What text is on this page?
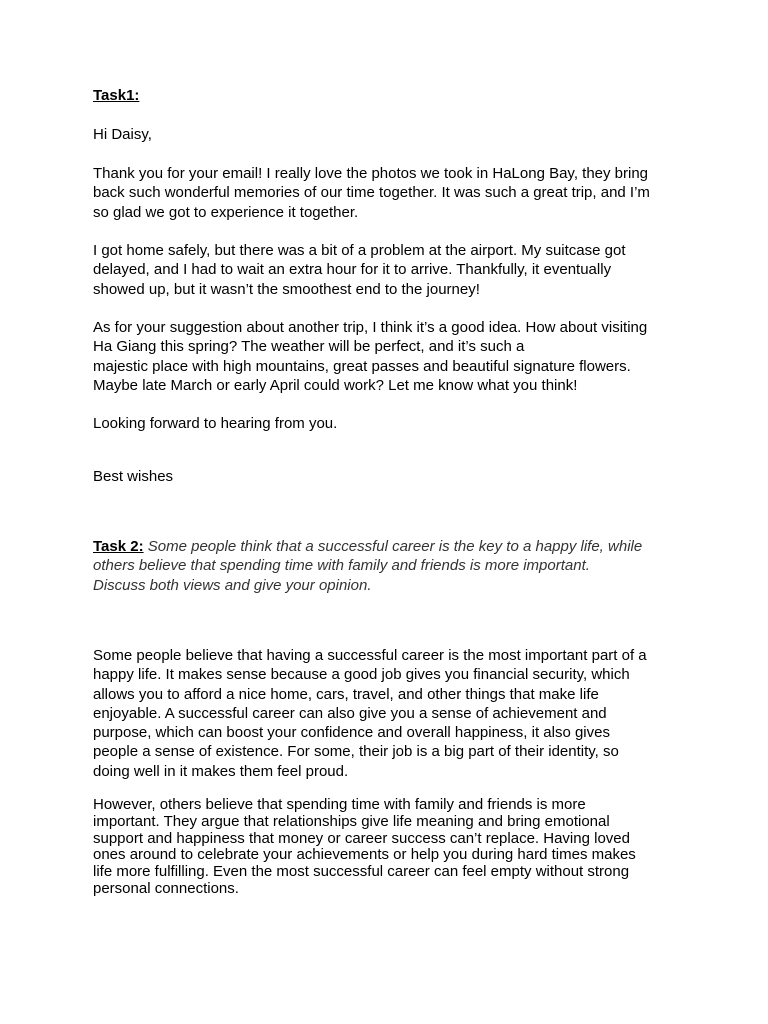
Task1:

Hi Daisy,

Thank you for your email! I really love the photos we took in HaLong Bay, they bring
back such wonderful memories of our time together. It was such a great trip, and I’m
so glad we got to experience it together.

I got home safely, but there was a bit of a problem at the airport. My suitcase got
delayed, and I had to wait an extra hour for it to arrive. Thankfully, it eventually
showed up, but it wasn’t the smoothest end to the journey!

As for your suggestion about another trip, I think it’s a good idea. How about visiting
Ha Giang this spring? The weather will be perfect, and it’s such a
majestic place with high mountains, great passes and beautiful signature flowers.
Maybe late March or early April could work? Let me know what you think!

Looking forward to hearing from you.

Best wishes

Task 2: Some people think that a successful career is the key to a happy life, while
others believe that spending time with family and friends is more important.
Discuss both views and give your opinion.

Some people believe that having a successful career is the most important part of a
happy life. It makes sense because a good job gives you financial security, which
allows you to afford a nice home, cars, travel, and other things that make life
enjoyable. A successful career can also give you a sense of achievement and
purpose, which can boost your confidence and overall happiness, it also gives
people a sense of existence. For some, their job is a big part of their identity, so
doing well in it makes them feel proud.

However, others believe that spending time with family and friends is more
important. They argue that relationships give life meaning and bring emotional
support and happiness that money or career success can’t replace. Having loved
ones around to celebrate your achievements or help you during hard times makes
life more fulfilling. Even the most successful career can feel empty without strong
personal connections.
